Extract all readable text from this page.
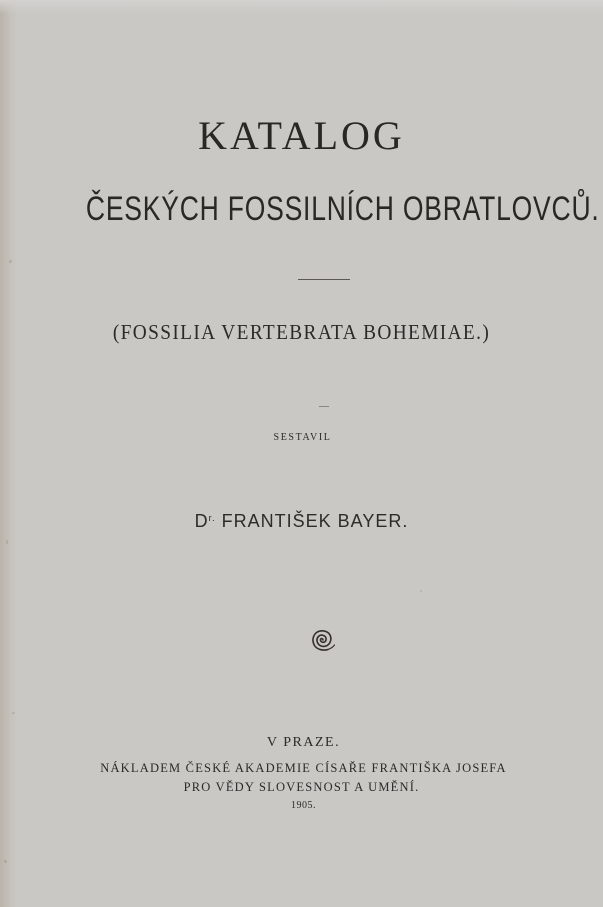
KATALOG
ČESKÝCH FOSSILNÍCH OBRATLOVCŮ.
(FOSSILIA VERTEBRATA BOHEMIAE.)
SESTAVIL
$D^{r.}$ FRANTIŠEK BAYER.
V PRAZE.
NÁKLADEM ČESKÉ AKADEMIE CÍSAŘE FRANTIŠKA JOSEFA
PRO VĚDY SLOVESNOST A UMĚNÍ.
1905.
